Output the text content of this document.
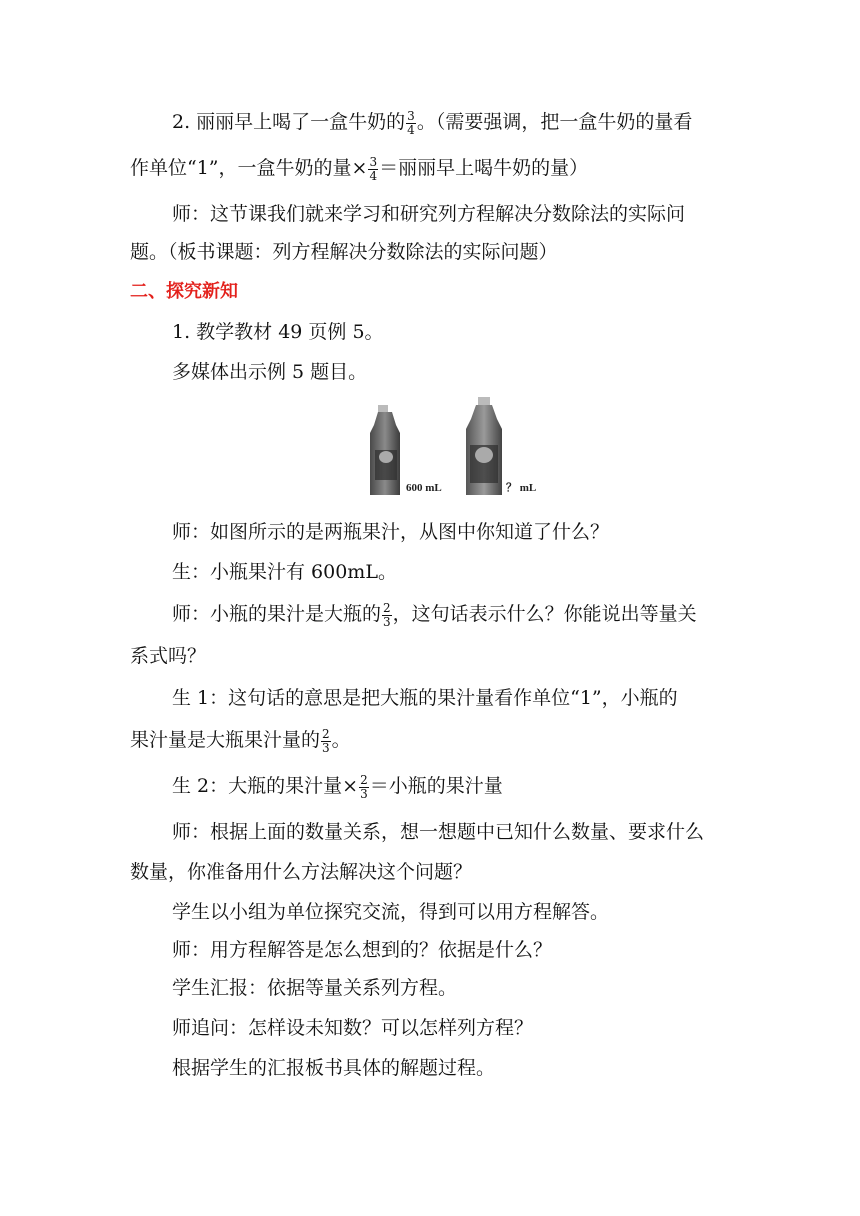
2. 丽丽早上喝了一盒牛奶的 $\frac{3}{4}$ 。（需要强调，把一盒牛奶的量看

作单位“1”，一盒牛奶的量× $\frac{3}{4}$ ＝丽丽早上喝牛奶的量）

师：这节课我们就来学习和研究列方程解决分数除法的实际问

题。（板书课题：列方程解决分数除法的实际问题）

二、探究新知

1. 教学教材 49 页例 5。

多媒体出示例 5 题目。

600 mL	？ mL

师：如图所示的是两瓶果汁，从图中你知道了什么？

生：小瓶果汁有 600mL。

师：小瓶的果汁是大瓶的 $\frac{2}{3}$ ，这句话表示什么？你能说出等量关

系式吗？

生 1：这句话的意思是把大瓶的果汁量看作单位“1”，小瓶的

果汁量是大瓶果汁量的 $\frac{2}{3}$ 。

生 2：大瓶的果汁量× $\frac{2}{3}$ ＝小瓶的果汁量

师：根据上面的数量关系，想一想题中已知什么数量、要求什么

数量，你准备用什么方法解决这个问题？

学生以小组为单位探究交流，得到可以用方程解答。

师：用方程解答是怎么想到的？依据是什么？

学生汇报：依据等量关系列方程。

师追问：怎样设未知数？可以怎样列方程？

根据学生的汇报板书具体的解题过程。
